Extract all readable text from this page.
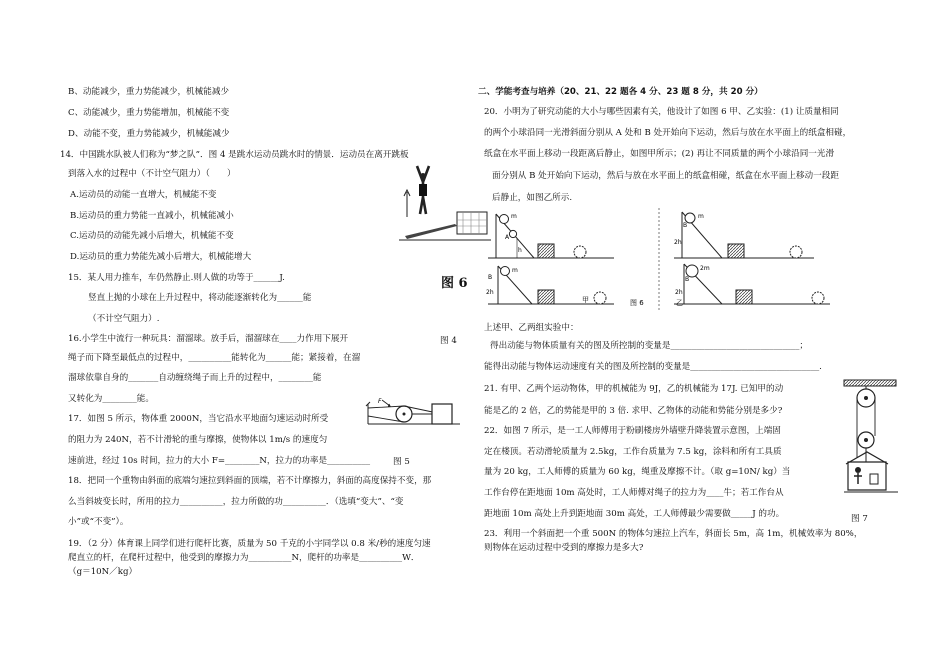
B、动能减少，重力势能减少，机械能减少
C、动能减少，重力势能增加，机械能不变
D、动能不变，重力势能减少，机械能减少
14．中国跳水队被人们称为“梦之队”．图 4 是跳水运动员跳水时的情景．运动员在离开跳板
到落入水的过程中（不计空气阻力）（　　）
A.运动员的动能一直增大，机械能不变
B.运动员的重力势能一直减小，机械能减小
C.运动员的动能先减小后增大，机械能不变
D.运动员的重力势能先减小后增大，机械能增大
图 4
图 6
15．某人用力推车，车仍然静止.则人做的功等于______J.
竖直上抛的小球在上升过程中，将动能逐渐转化为______能
（不计空气阻力）.
16.小学生中流行一种玩具：溜溜球。放手后，溜溜球在____力作用下展开
绳子而下降至最低点的过程中，__________能转化为______能；紧接着，在溜
溜球依靠自身的_______自动缠绕绳子而上升的过程中，________能
又转化为________能。
17．如图 5 所示，物体重 2000N，当它沿水平地面匀速运动时所受
的阻力为 240N，若不计滑轮的重与摩擦，使物体以 1m/s 的速度匀
速前进，经过 10s 时间，拉力的大小 F=________N，拉力的功率是__________
F
图 5
18．把同一个重物由斜面的底端匀速拉到斜面的顶端，若不计摩擦力，斜面的高度保持不变，那
么当斜坡变长时，所用的拉力__________，拉力所做的功__________．（选填“变大”、“变
小”或“不变”）。
19．（2 分）体育课上同学们进行爬杆比赛，质量为 50 千克的小宇同学以 0.8 米/秒的速度匀速
爬直立的杆，在爬杆过程中，他受到的摩擦力为__________N，爬杆的功率是__________W．
（g＝10N／kg）
二、学能考查与培养（20、21、22 题各 4 分、23 题 8 分，共 20 分）
20．小明为了研究动能的大小与哪些因素有关，他设计了如图 6 甲、乙实验：(1) 让质量相同
的两个小球沿同一光滑斜面分别从 A 处和 B 处开始向下运动，然后与放在水平面上的纸盒相碰，
纸盒在水平面上移动一段距离后静止，如图甲所示；(2) 再让不同质量的两个小球沿同一光滑
面分别从 B 处开始向下运动，然后与放在水平面上的纸盒相碰，纸盒在水平面上移动一段距
后静止，如图乙所示.
m
A
h
m
B
2h
m
B
2h
甲	图 6
2m
B
2h
乙
上述甲、乙两组实验中：
得出动能与物体质量有关的图及所控制的变量是______________________________；
能得出动能与物体运动速度有关的图及所控制的变量是______________________________.
21. 有甲、乙两个运动物体，甲的机械能为 9J，乙的机械能为 17J. 已知甲的动
能是乙的 2 倍，乙的势能是甲的 3 倍. 求甲、乙物体的动能和势能分别是多少?
22．如图 7 所示，是一工人师傅用于粉刷楼房外墙壁升降装置示意图，上端固
定在楼顶。若动滑轮质量为 2.5kg，工作台质量为 7.5 kg，涂料和所有工具质
量为 20 kg，工人师傅的质量为 60 kg，绳重及摩擦不计。（取 g=10N/ kg）当
工作台停在距地面 10m 高处时，工人师傅对绳子的拉力为____牛；若工作台从
距地面 10m 高处上升到距地面 30m 高处，工人师傅最少需要做_____J 的功。	图 7
23．利用一个斜面把一个重 500N 的物体匀速拉上汽车，斜面长 5m，高 1m，机械效率为 80%，
则物体在运动过程中受到的摩擦力是多大?
